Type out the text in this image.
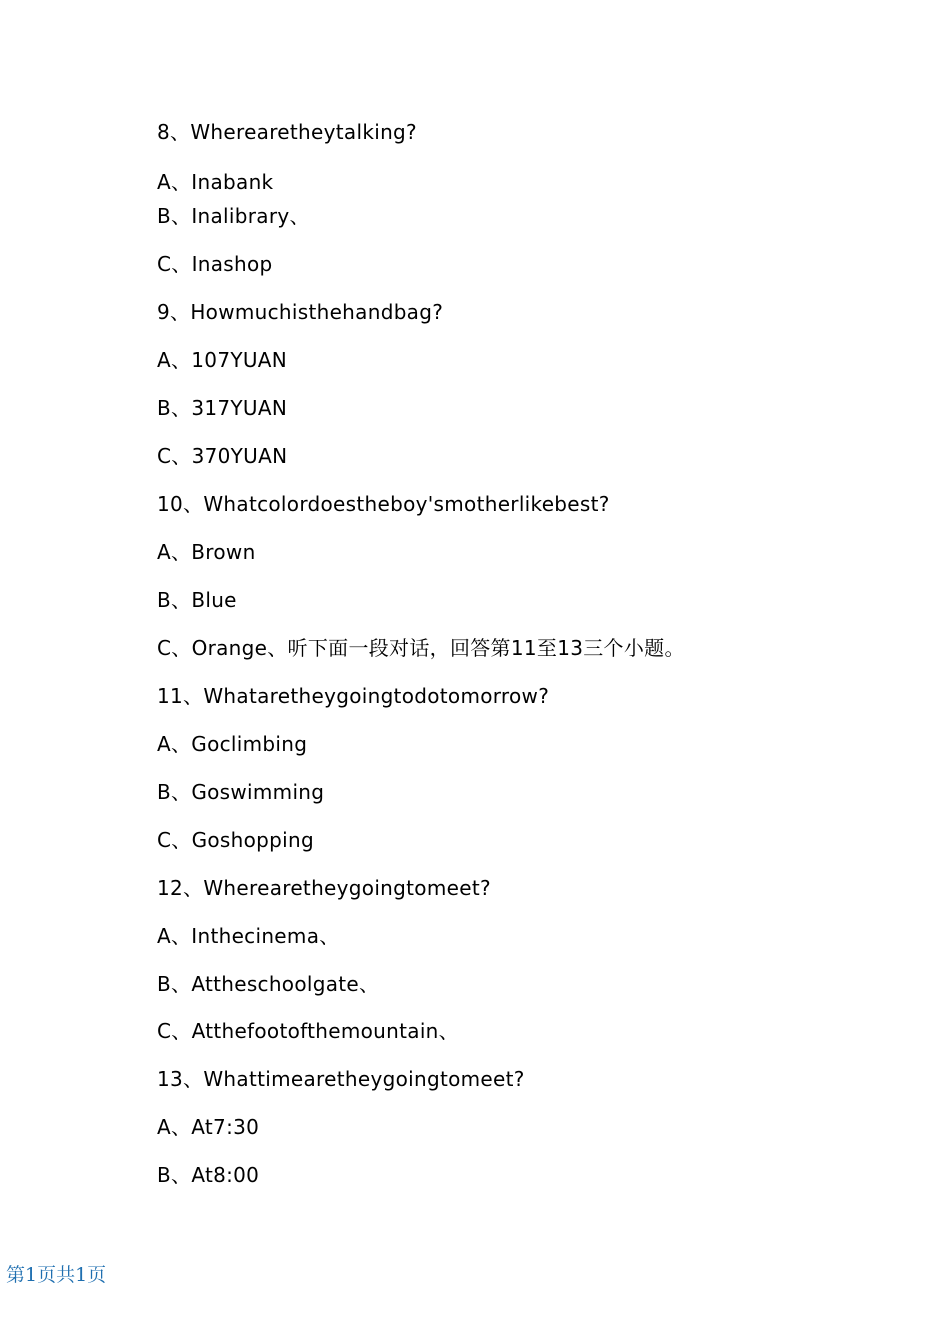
8、Wherearetheytalking?
A、Inabank
B、Inalibrary、
C、Inashop
9、Howmuchisthehandbag?
A、107YUAN
B、317YUAN
C、370YUAN
10、Whatcolordoestheboy'smotherlikebest?
A、Brown
B、Blue
C、Orange、听下面一段对话，回答第11至13三个小题。
11、Whataretheygoingtodotomorrow?
A、Goclimbing
B、Goswimming
C、Goshopping
12、Wherearetheygoingtomeet?
A、Inthecinema、
B、Attheschoolgate、
C、Atthefootofthemountain、
13、Whattimearetheygoingtomeet?
A、At7:30
B、At8:00
第1页共1页
